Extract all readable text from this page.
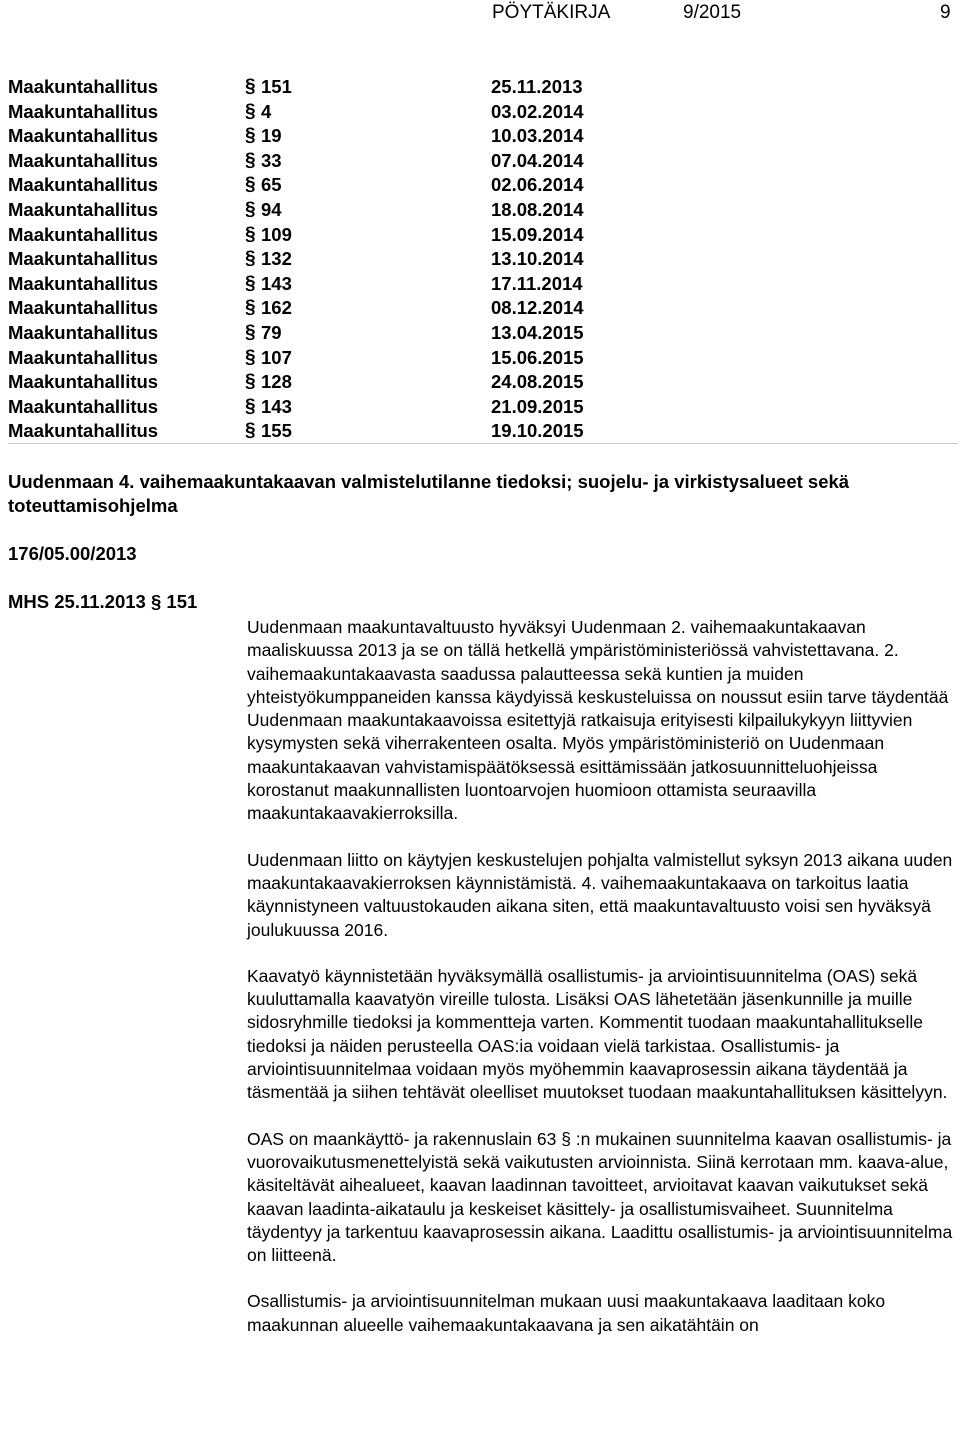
PÖYTÄKIRJA	9/2015	9
Maakuntahallitus	§ 151	25.11.2013
Maakuntahallitus	§ 4	03.02.2014
Maakuntahallitus	§ 19	10.03.2014
Maakuntahallitus	§ 33	07.04.2014
Maakuntahallitus	§ 65	02.06.2014
Maakuntahallitus	§ 94	18.08.2014
Maakuntahallitus	§ 109	15.09.2014
Maakuntahallitus	§ 132	13.10.2014
Maakuntahallitus	§ 143	17.11.2014
Maakuntahallitus	§ 162	08.12.2014
Maakuntahallitus	§ 79	13.04.2015
Maakuntahallitus	§ 107	15.06.2015
Maakuntahallitus	§ 128	24.08.2015
Maakuntahallitus	§ 143	21.09.2015
Maakuntahallitus	§ 155	19.10.2015
Uudenmaan 4. vaihemaakuntakaavan valmistelutilanne tiedoksi; suojelu- ja virkistysalueet sekä toteuttamisohjelma
176/05.00/2013
MHS 25.11.2013 § 151

Uudenmaan maakuntavaltuusto hyväksyi Uudenmaan 2. vaihemaakuntakaavan maaliskuussa 2013 ja se on tällä hetkellä ympäristöministeriössä vahvistettavana. 2. vaihemaakuntakaavasta saadussa palautteessa sekä kuntien ja muiden yhteistyökumppaneiden kanssa käydyissä keskusteluissa on noussut esiin tarve täydentää Uudenmaan maakuntakaavoissa esitettyjä ratkaisuja erityisesti kilpailukykyyn liittyvien kysymysten sekä viherrakenteen osalta. Myös ympäristöministeriö on Uudenmaan maakuntakaavan vahvistamispäätöksessä esittämissään jatkosuunnitteluohjeissa korostanut maakunnallisten luontoarvojen huomioon ottamista seuraavilla maakuntakaavakierroksilla.

Uudenmaan liitto on käytyjen keskustelujen pohjalta valmistellut syksyn 2013 aikana uuden maakuntakaavakierroksen käynnistämistä. 4. vaihemaakuntakaava on tarkoitus laatia käynnistyneen valtuustokauden aikana siten, että maakuntavaltuusto voisi sen hyväksyä joulukuussa 2016.

Kaavatyö käynnistetään hyväksymällä osallistumis- ja arviointisuunnitelma (OAS) sekä kuuluttamalla kaavatyön vireille tulosta. Lisäksi OAS lähetetään jäsenkunnille ja muille sidosryhmille tiedoksi ja kommentteja varten. Kommentit tuodaan maakuntahallitukselle tiedoksi ja näiden perusteella OAS:ia voidaan vielä tarkistaa. Osallistumis- ja arviointisuunnitelmaa voidaan myös myöhemmin kaavaprosessin aikana täydentää ja täsmentää ja siihen tehtävät oleelliset muutokset tuodaan maakuntahallituksen käsittelyyn.

OAS on maankäyttö- ja rakennuslain 63 § :n mukainen suunnitelma kaavan osallistumis- ja vuorovaikutusmenettelyistä sekä vaikutusten arvioinnista. Siinä kerrotaan mm. kaava-alue, käsiteltävät aihealueet, kaavan laadinnan tavoitteet, arvioitavat kaavan vaikutukset sekä kaavan laadinta-aikataulu ja keskeiset käsittely- ja osallistumisvaiheet. Suunnitelma täydentyy ja tarkentuu kaavaprosessin aikana. Laadittu osallistumis- ja arviointisuunnitelma on liitteenä.

Osallistumis- ja arviointisuunnitelman mukaan uusi maakuntakaava laaditaan koko maakunnan alueelle vaihemaakuntakaavana ja sen aikatähtäin on
